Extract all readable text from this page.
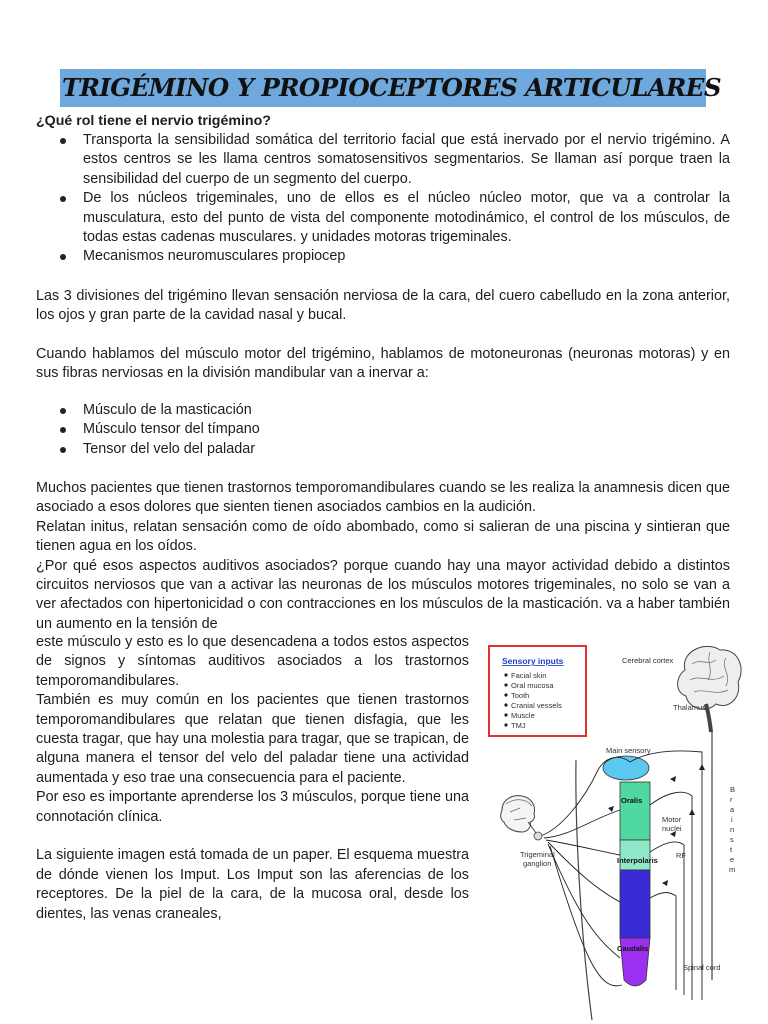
TRIGÉMINO Y PROPIOCEPTORES ARTICULARES
¿Qué rol tiene el nervio trigémino?
Transporta la sensibilidad somática del territorio facial que está inervado por el nervio trigémino. A estos centros se les llama centros somatosensitivos segmentarios. Se llaman así porque traen la sensibilidad del cuerpo de un segmento del cuerpo.
De los núcleos trigeminales, uno de ellos es el núcleo núcleo motor, que va a controlar la musculatura, esto del punto de vista del componente motodinámico, el control de los músculos, de todas estas cadenas musculares. y unidades motoras trigeminales.
Mecanismos neuromusculares propiocep
Las 3 divisiones del trigémino llevan sensación nerviosa de la cara, del cuero cabelludo en la zona anterior, los ojos y gran parte de la cavidad nasal y bucal.
Cuando hablamos del músculo motor del trigémino, hablamos de motoneuronas (neuronas motoras) y en sus fibras nerviosas en la división mandibular van a inervar a:
Músculo de la masticación
Músculo tensor del tímpano
Tensor del velo del paladar
Muchos pacientes que tienen trastornos temporomandibulares cuando se les realiza la anamnesis dicen que asociado a esos dolores que sienten tienen asociados cambios en la audición.
Relatan initus, relatan sensación como de oído abombado, como si salieran de una piscina y sintieran que tienen agua en los oídos.
¿Por qué esos aspectos auditivos asociados? porque cuando hay una mayor actividad debido a distintos circuitos nerviosos que van a activar las neuronas de los músculos motores trigeminales, no solo se van a ver afectados con hipertonicidad o con contracciones en los músculos de la masticación. va a haber también un aumento en la tensión de
este músculo y esto es lo que desencadena a todos estos aspectos de signos y síntomas auditivos asociados a los trastornos temporomandibulares.
También es muy común en los pacientes que tienen trastornos temporomandibulares que relatan que tienen disfagia, que les cuesta tragar, que hay una molestia para tragar, que se trapican, de alguna manera el tensor del velo del paladar tiene una actividad aumentada y eso trae una consecuencia para el paciente.
Por eso es importante aprenderse los 3 músculos, porque tiene una connotación clínica.
La siguiente imagen está tomada de un paper. El esquema muestra de dónde vienen los Imput. Los Imput son las aferencias de los receptores. De la piel de la cara, de la mucosa oral, desde los dientes, las venas craneales,
Sensory inputs
Facial skin
Oral mucosa
Tooth
Cranial vessels
Muscle
TMJ
Cerebral cortex
Thalamus
B
r
a
i
n
s
t
e
m
Main sensory
Oralis
Interpolaris
Caudalis
Motor
nuclei
RF
Spinal cord
Trigeminal
ganglion
